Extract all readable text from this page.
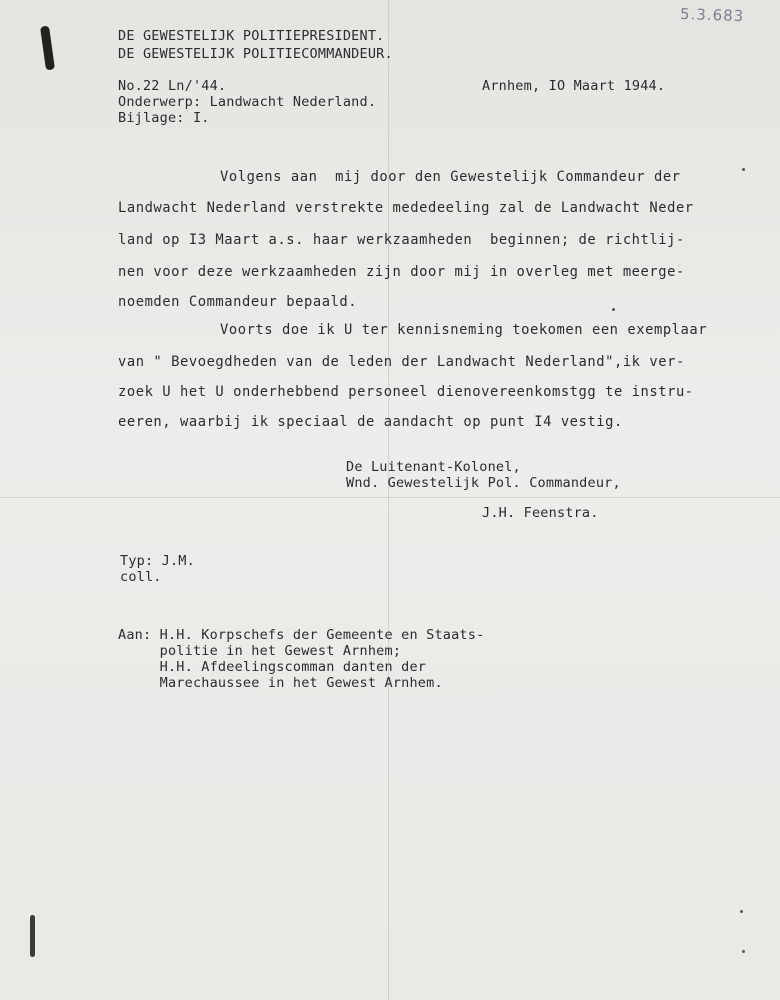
5.3.683
DE GEWESTELIJK POLITIEPRESIDENT.
DE GEWESTELIJK POLITIECOMMANDEUR.
No.22 Ln/'44.	Arnhem, IO Maart 1944.
Onderwerp: Landwacht Nederland.
Bijlage: I.
Volgens aan  mij door den Gewestelijk Commandeur der
Landwacht Nederland verstrekte mededeeling zal de Landwacht Neder
land op I3 Maart a.s. haar werkzaamheden  beginnen; de richtlij-
nen voor deze werkzaamheden zijn door mij in overleg met meerge-
noemden Commandeur bepaald.
Voorts doe ik U ter kennisneming toekomen een exemplaar
van " Bevoegdheden van de leden der Landwacht Nederland",ik ver-
zoek U het U onderhebbend personeel dienovereenkomstgg te instru-
eeren, waarbij ik speciaal de aandacht op punt I4 vestig.
De Luitenant-Kolonel,
Wnd. Gewestelijk Pol. Commandeur,
J.H. Feenstra.
Typ: J.M.
coll.
Aan: H.H. Korpschefs der Gemeente en Staats-
politie in het Gewest Arnhem;
H.H. Afdeelingscomman danten der
Marechaussee in het Gewest Arnhem.
